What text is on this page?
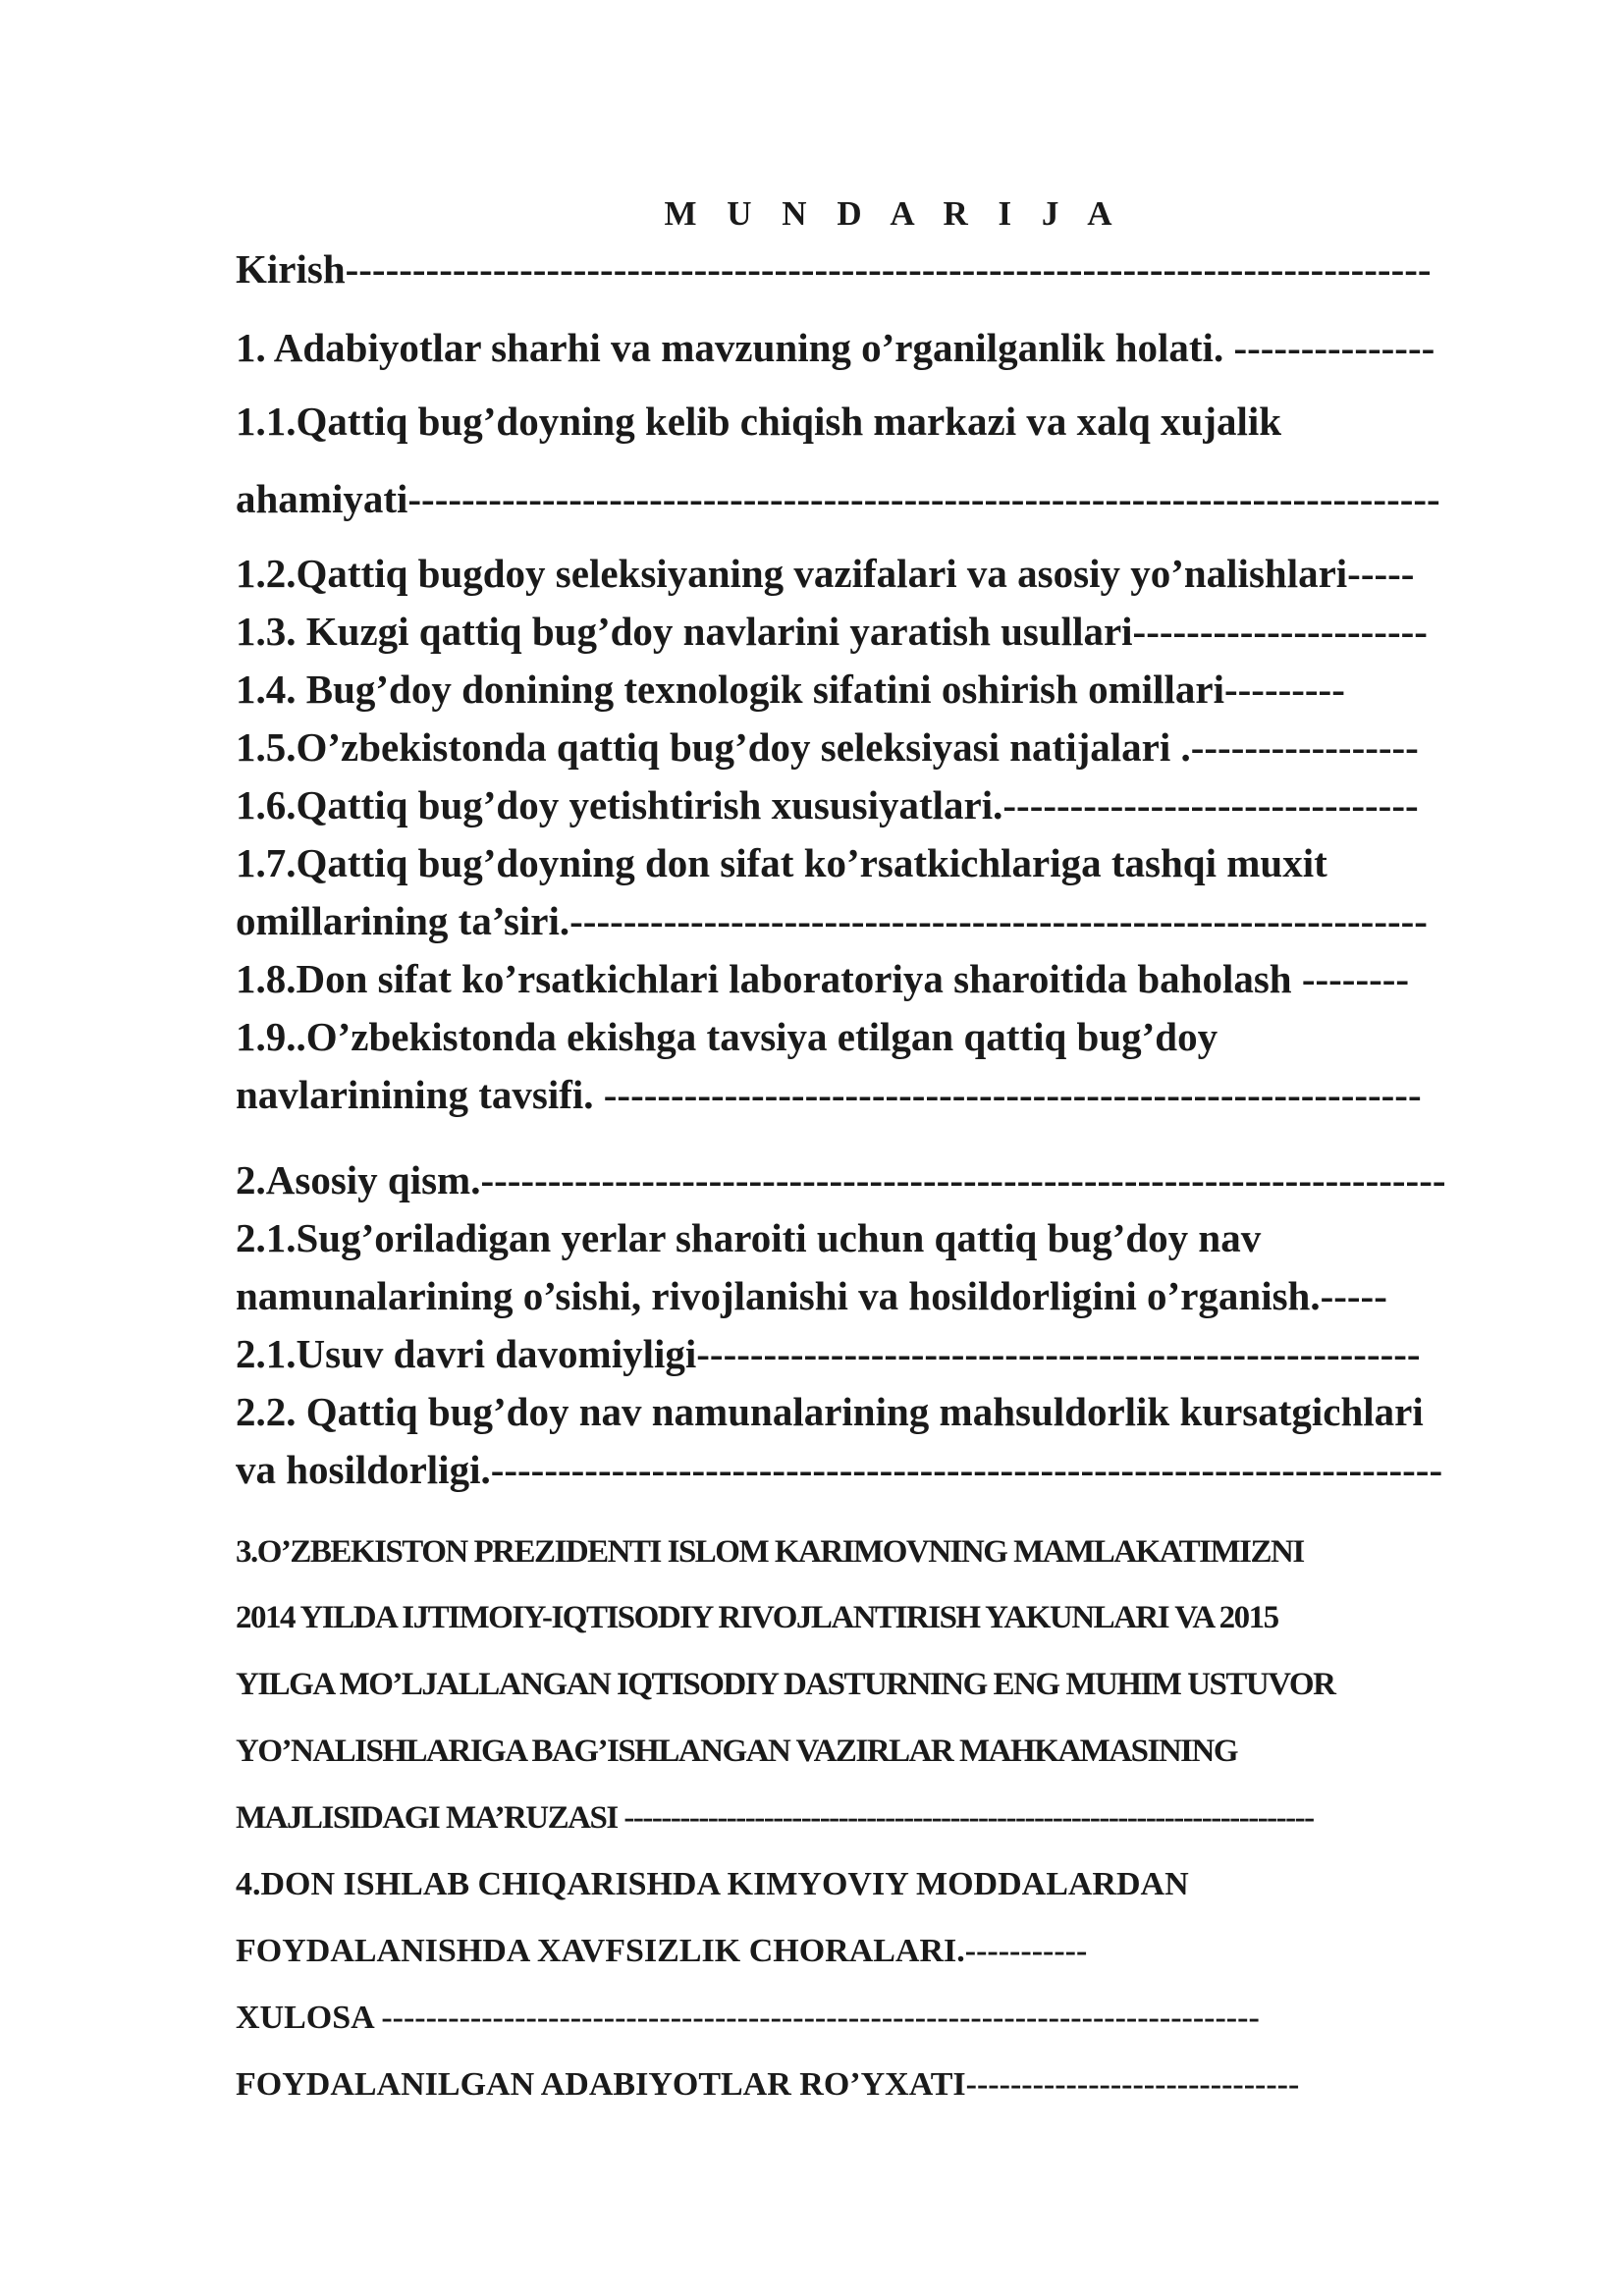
M U N D A R I J A
Kirish---------------------------------------------------------------------------------
1. Adabiyotlar sharhi va mavzuning o’rganilganlik holati. ---------------
1.1.Qattiq bug’doyning kelib chiqish markazi va xalq xujalik
ahamiyati-----------------------------------------------------------------------------
1.2.Qattiq bugdoy seleksiyaning vazifalari va asosiy yo’nalishlari-----
1.3. Kuzgi qattiq bug’doy navlarini yaratish usullari----------------------
1.4. Bug’doy donining texnologik sifatini oshirish omillari---------
1.5.O’zbekistonda qattiq bug’doy seleksiyasi natijalari .-----------------
1.6.Qattiq bug’doy yetishtirish xususiyatlari.-------------------------------
1.7.Qattiq bug’doyning don sifat ko’rsatkichlariga tashqi muxit
omillarining ta’siri.----------------------------------------------------------------
1.8.Don sifat ko’rsatkichlari laboratoriya sharoitida baholash --------
1.9..O’zbekistonda ekishga tavsiya etilgan qattiq bug’doy
navlarinining tavsifi. -------------------------------------------------------------
2.Asosiy qism.------------------------------------------------------------------------
2.1.Sug’oriladigan yerlar sharoiti uchun qattiq bug’doy nav
namunalarining o’sishi, rivojlanishi va hosildorligini o’rganish.-----
2.1.Usuv davri davomiyligi------------------------------------------------------
2.2. Qattiq bug’doy nav namunalarining mahsuldorlik kursatgichlari
va hosildorligi.-----------------------------------------------------------------------
3.O’ZBEKISTON PREZIDENTI ISLOM KARIMOVNING MAMLAKATIMIZNI
2014 YILDA IJTIMOIY-IQTISODIY RIVOJLANTIRISH YAKUNLARI VA 2015
YILGA MO’LJALLANGAN IQTISODIY DASTURNING ENG MUHIM USTUVOR
YO’NALISHLARIGA BAG’ISHLANGAN VAZIRLAR MAHKAMASINING
MAJLISIDAGI MA’RUZASI --------------------------------------------------------------------------
4.DON ISHLAB CHIQARISHDA KIMYOVIY MODDALARDAN
FOYDALANISHDA XAVFSIZLIK CHORALARI.-----------
XULOSA -------------------------------------------------------------------------------
FOYDALANILGAN ADABIYOTLAR RO’YXATI------------------------------
